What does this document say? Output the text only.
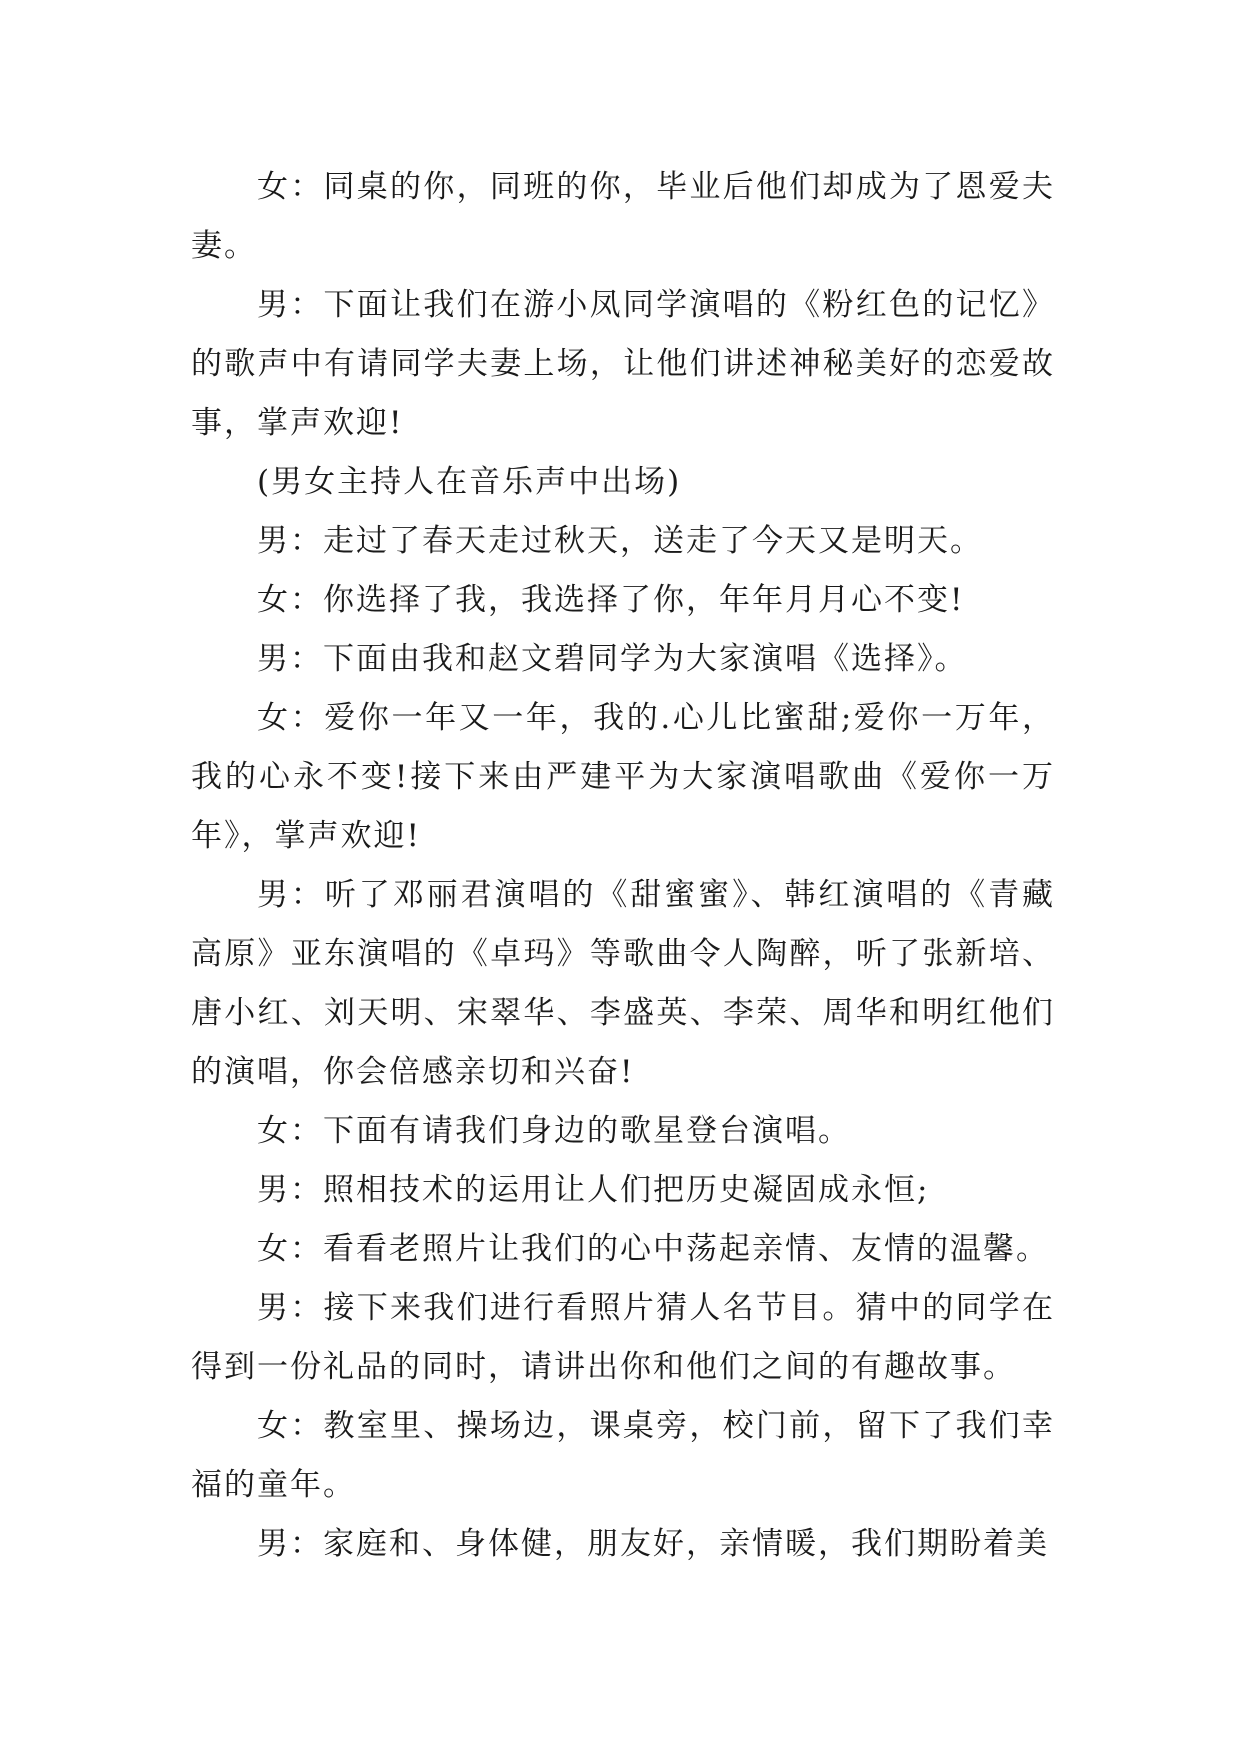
女：同桌的你，同班的你，毕业后他们却成为了恩爱夫妻。

男：下面让我们在游小凤同学演唱的《粉红色的记忆》的歌声中有请同学夫妻上场，让他们讲述神秘美好的恋爱故事，掌声欢迎!

(男女主持人在音乐声中出场)

男：走过了春天走过秋天，送走了今天又是明天。

女：你选择了我，我选择了你，年年月月心不变!

男：下面由我和赵文碧同学为大家演唱《选择》。

女：爱你一年又一年，我的.心儿比蜜甜;爱你一万年，我的心永不变!接下来由严建平为大家演唱歌曲《爱你一万年》，掌声欢迎!

男：听了邓丽君演唱的《甜蜜蜜》、韩红演唱的《青藏高原》亚东演唱的《卓玛》等歌曲令人陶醉，听了张新培、唐小红、刘天明、宋翠华、李盛英、李荣、周华和明红他们的演唱，你会倍感亲切和兴奋!

女：下面有请我们身边的歌星登台演唱。

男：照相技术的运用让人们把历史凝固成永恒;

女：看看老照片让我们的心中荡起亲情、友情的温馨。

男：接下来我们进行看照片猜人名节目。猜中的同学在得到一份礼品的同时，请讲出你和他们之间的有趣故事。

女：教室里、操场边，课桌旁，校门前，留下了我们幸福的童年。

男：家庭和、身体健，朋友好，亲情暖，我们期盼着美
